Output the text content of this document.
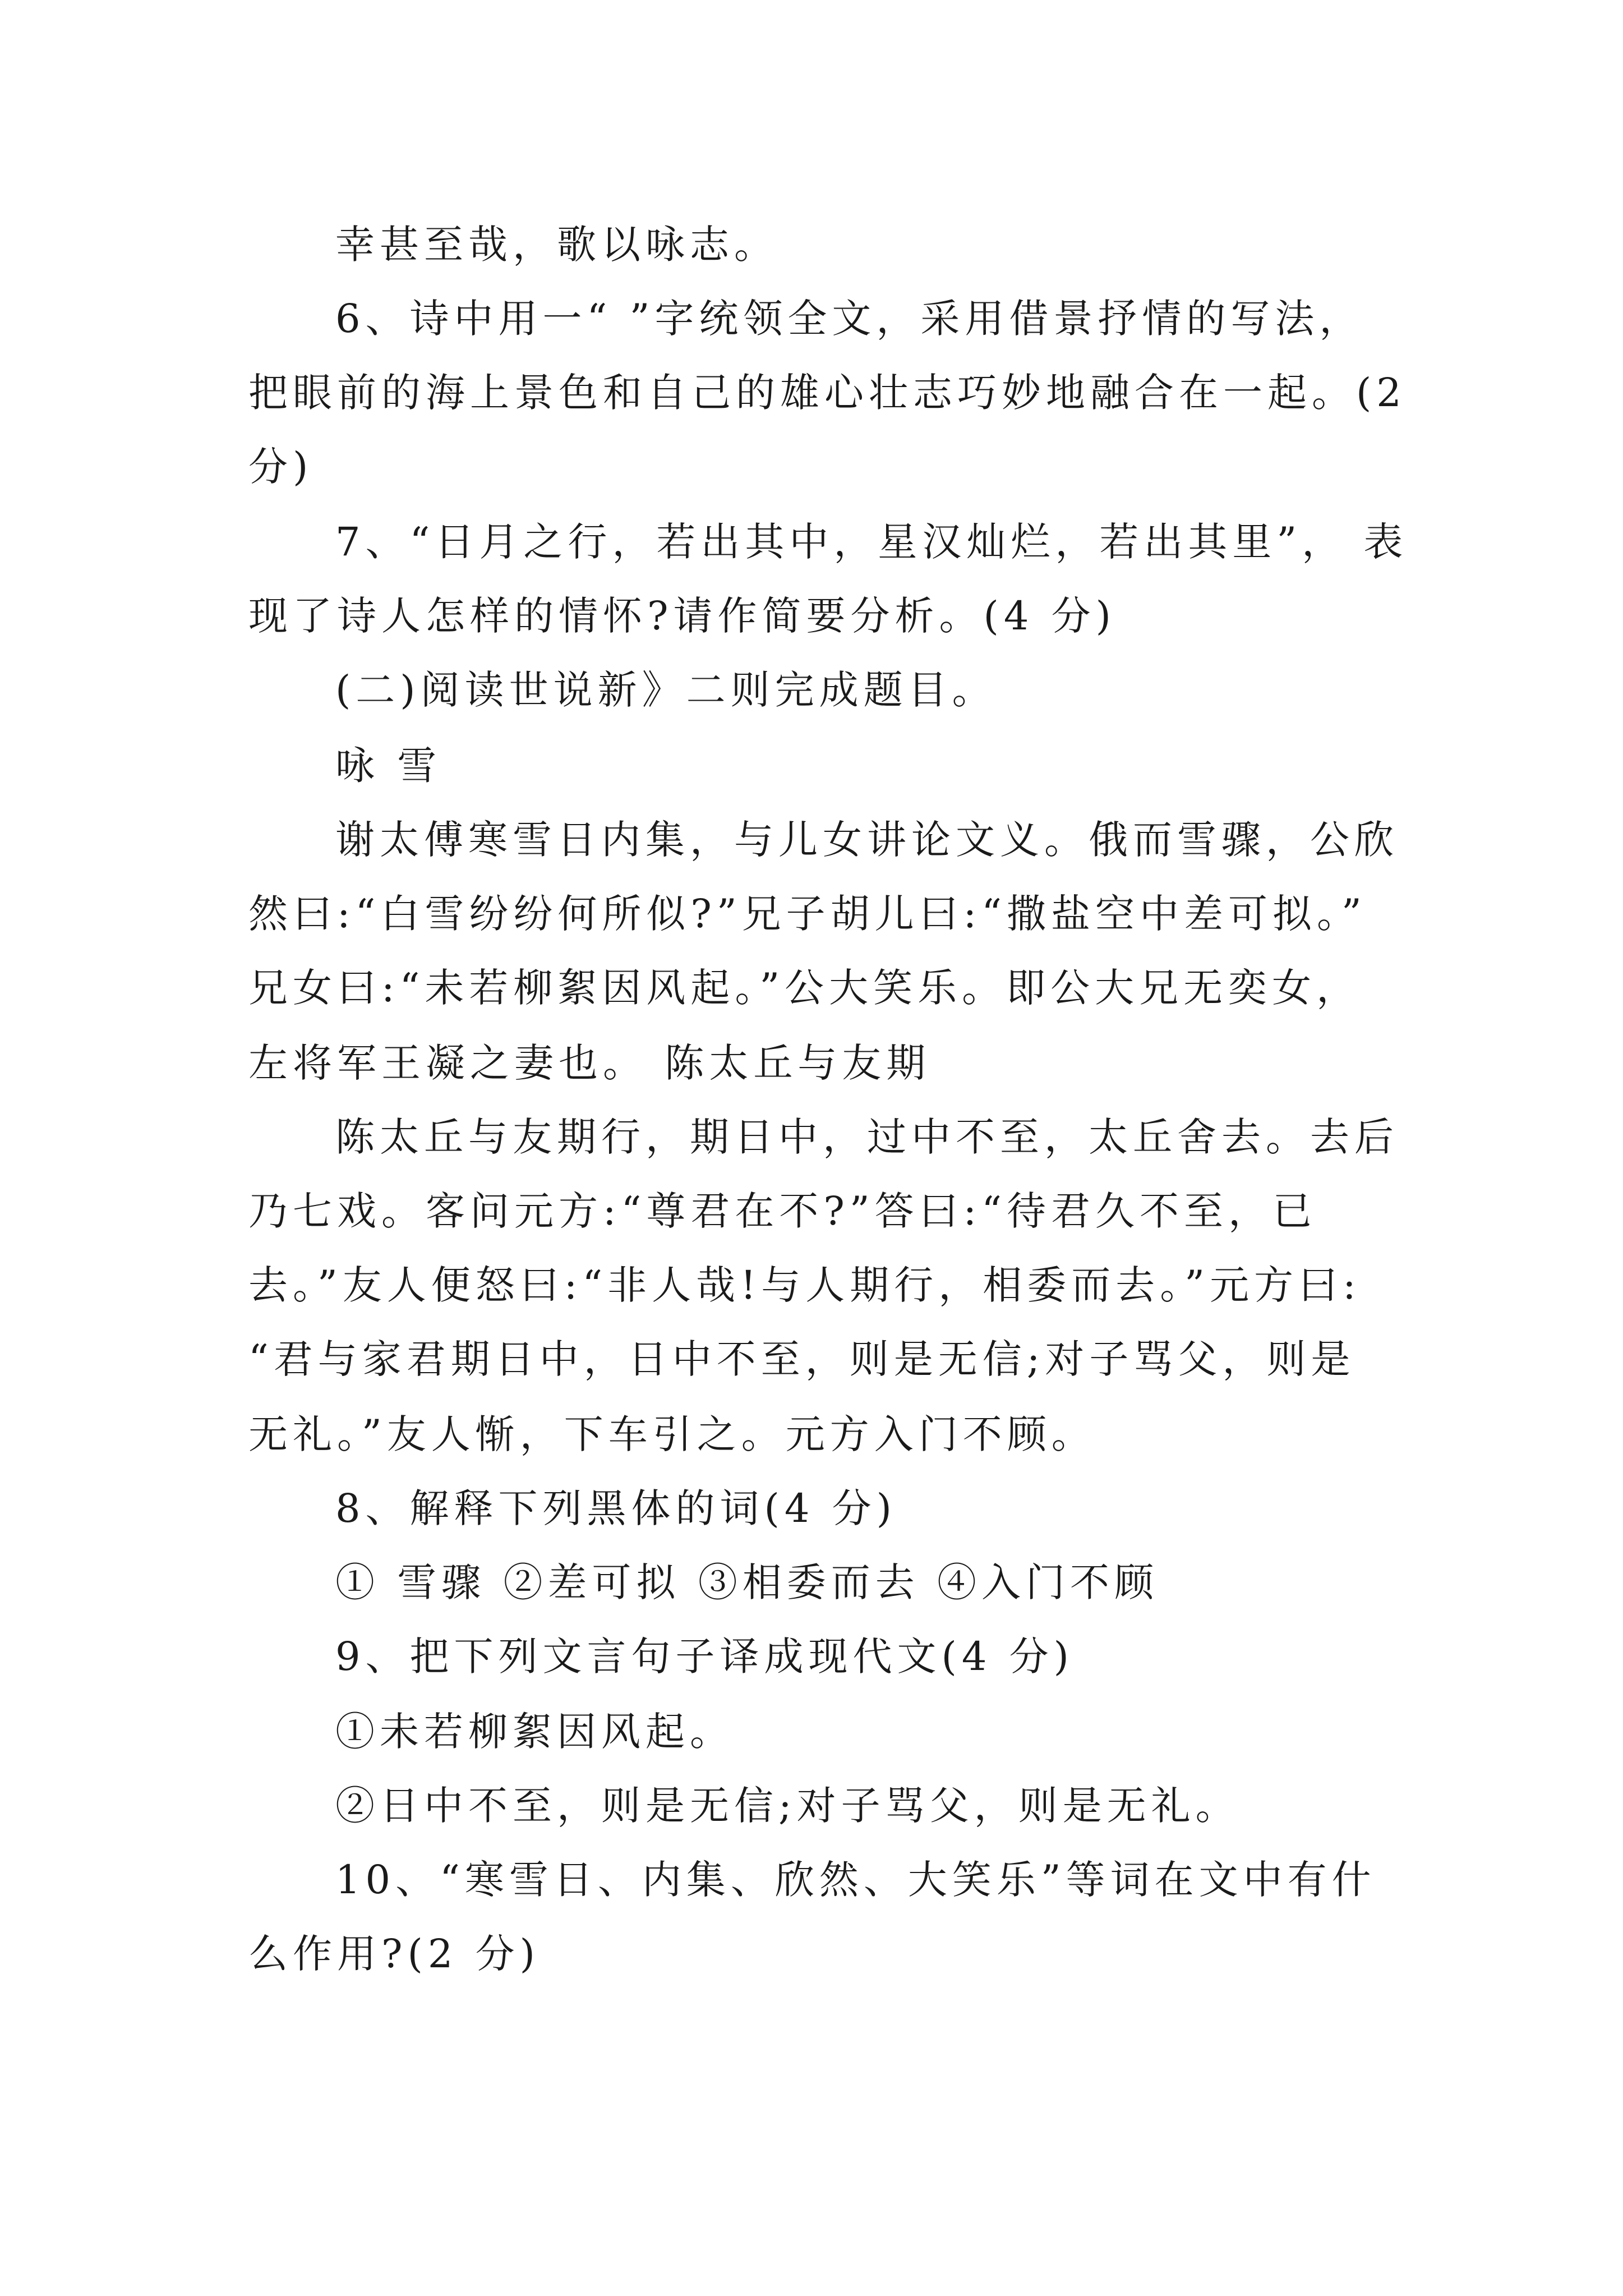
幸甚至哉，歌以咏志。
6、诗中用一“ ”字统领全文，采用借景抒情的写法，
把眼前的海上景色和自己的雄心壮志巧妙地融合在一起。(2
分)
7、“日月之行，若出其中，星汉灿烂，若出其里”， 表
现了诗人怎样的情怀?请作简要分析。(4 分)
(二)阅读世说新》二则完成题目。
咏 雪
谢太傅寒雪日内集，与儿女讲论文义。俄而雪骤，公欣
然曰:“白雪纷纷何所似?”兄子胡儿曰:“撒盐空中差可拟。”
兄女曰:“未若柳絮因风起。”公大笑乐。即公大兄无奕女，
左将军王凝之妻也。 陈太丘与友期
陈太丘与友期行，期日中，过中不至，太丘舍去。去后
乃七戏。客问元方:“尊君在不?”答曰:“待君久不至，已
去。”友人便怒曰:“非人哉!与人期行，相委而去。”元方曰:
“君与家君期日中，日中不至，则是无信;对子骂父，则是
无礼。”友人惭，下车引之。元方入门不顾。
8、解释下列黑体的词(4 分)
① 雪骤 ②差可拟 ③相委而去 ④入门不顾
9、把下列文言句子译成现代文(4 分)
①未若柳絮因风起。
②日中不至，则是无信;对子骂父，则是无礼。
10、“寒雪日、内集、欣然、大笑乐”等词在文中有什
么作用?(2 分)
